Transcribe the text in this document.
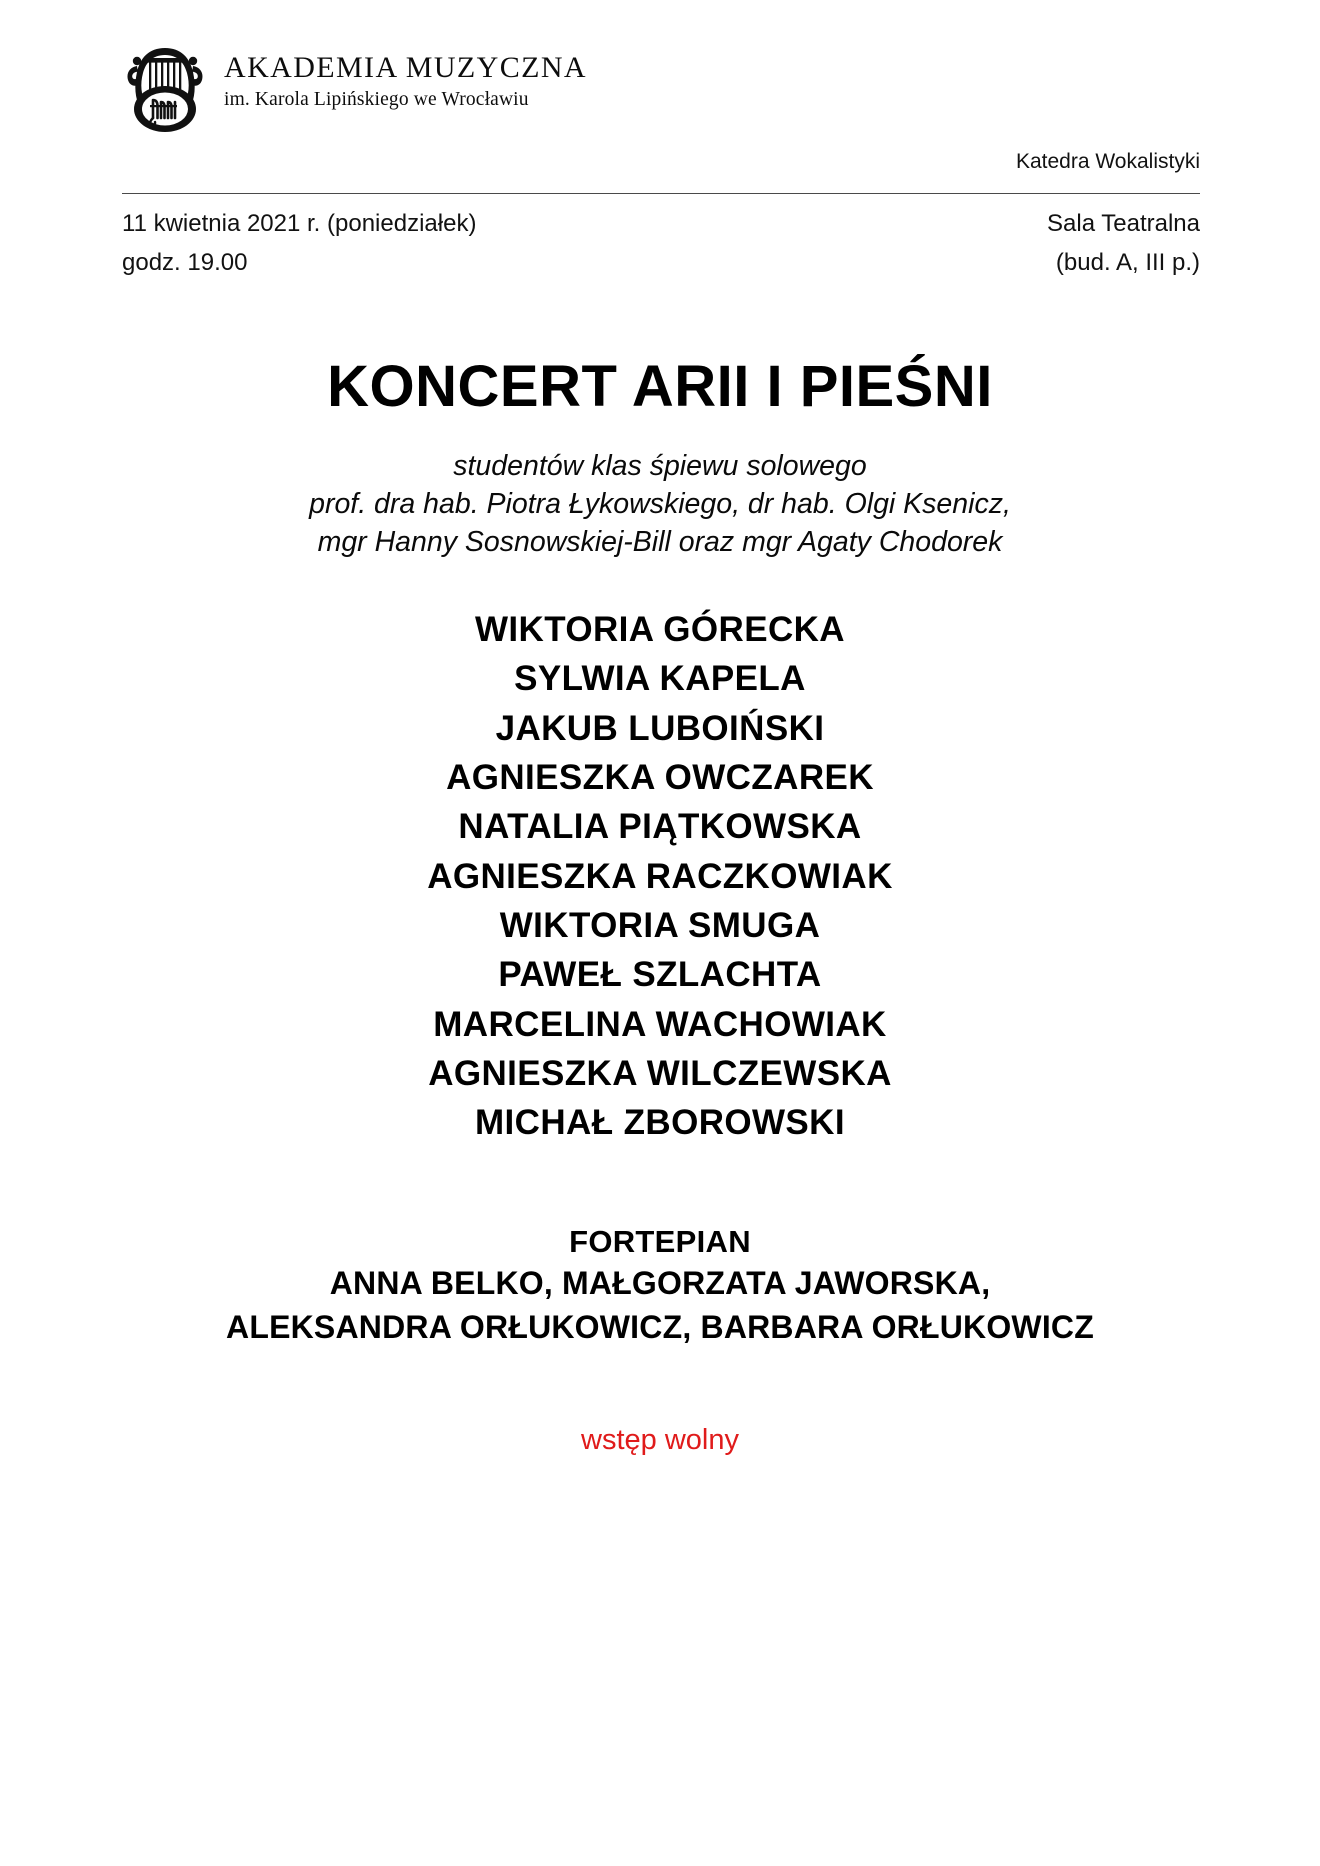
AKADEMIA MUZYCZNA
im. Karola Lipińskiego we Wrocławiu
Katedra Wokalistyki
11 kwietnia 2021 r. (poniedziałek)
godz. 19.00
Sala Teatralna
(bud. A, III p.)
KONCERT ARII I PIEŚNI
studentów klas śpiewu solowego
prof. dra hab. Piotra Łykowskiego, dr hab. Olgi Ksenicz,
mgr Hanny Sosnowskiej-Bill oraz mgr Agaty Chodorek
WIKTORIA GÓRECKA
SYLWIA KAPELA
JAKUB LUBOIŃSKI
AGNIESZKA OWCZAREK
NATALIA PIĄTKOWSKA
AGNIESZKA RACZKOWIAK
WIKTORIA SMUGA
PAWEŁ SZLACHTA
MARCELINA WACHOWIAK
AGNIESZKA WILCZEWSKA
MICHAŁ ZBOROWSKI
FORTEPIAN
ANNA BELKO, MAŁGORZATA JAWORSKA,
ALEKSANDRA ORŁUKOWICZ, BARBARA ORŁUKOWICZ
wstęp wolny
